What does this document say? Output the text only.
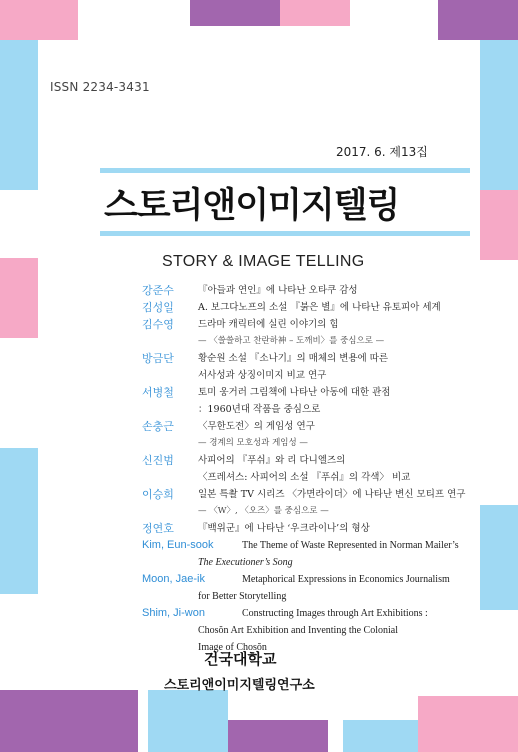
ISSN 2234-3431
2017. 6. 제13집
스토리앤이미지텔링
STORY & IMAGE TELLING
강준수	『아들과 연인』에 나타난 오타쿠 감성
김성일	A. 보그다노프의 소설 『붉은 별』에 나타난 유토피아 세계
김수영	드라마 캐릭터에 실린 이야기의 힘
— 〈쓸쓸하고 찬란하神 – 도깨비〉를 중심으로 —
방금단	황순원 소설 『소나기』의 매체의 변용에 따른
서사성과 상징이미지 비교 연구
서병철	토미 웅거러 그림책에 나타난 아동에 대한 관점
：1960년대 작품을 중심으로
손충근	〈무한도전〉의 게임성 연구
— 경계의 모호성과 게임성 —
신진범	사피어의 『푸쉬』와 리 다니엘즈의
〈프레셔스: 사피어의 소설 『푸쉬』의 각색〉 비교
이승희	일본 특촬 TV 시리즈 〈가면라이더〉에 나타난 변신 모티프 연구
— 〈W〉, 〈오즈〉를 중심으로 —
정연호	『백위군』에 나타난 ‘우크라이나’의 형상
Kim, Eun-sook	The Theme of Waste Represented in Norman Mailer’s
The Executioner’s Song
Moon, Jae-ik	Metaphorical Expressions in Economics Journalism
for Better Storytelling
Shim, Ji-won	Constructing Images through Art Exhibitions :
Chosŏn Art Exhibition and Inventing the Colonial
Image of Chosŏn
건국대학교
스토리앤이미지텔링연구소
